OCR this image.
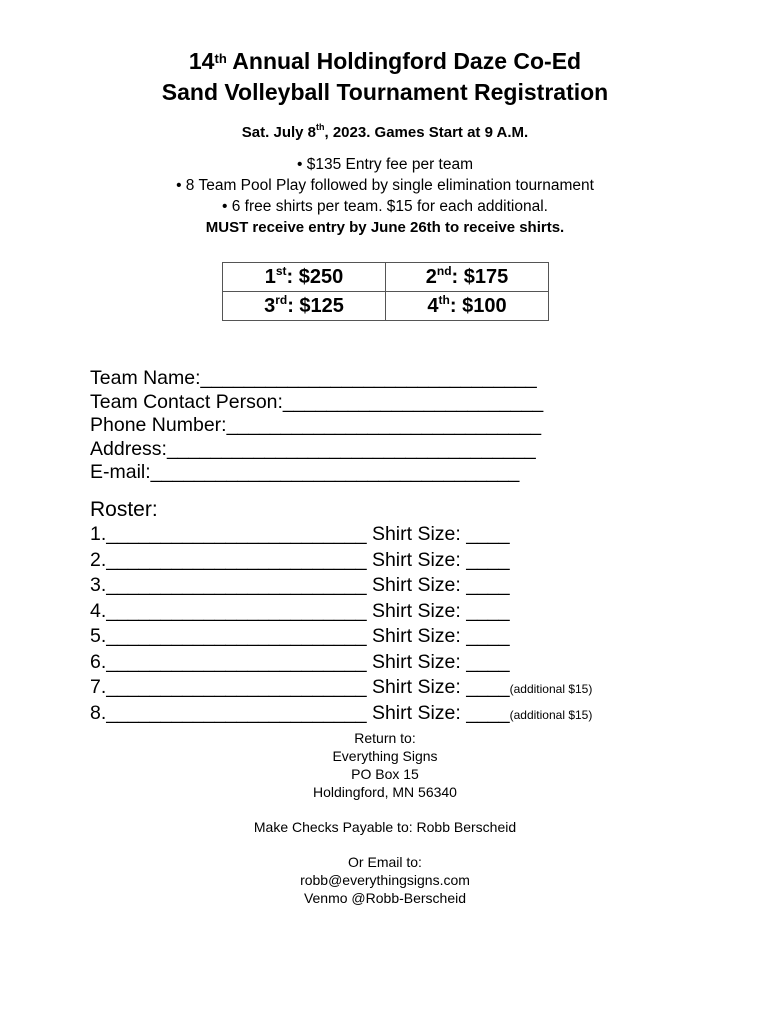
14th Annual Holdingford Daze Co-Ed
Sand Volleyball Tournament Registration
Sat. July 8th, 2023. Games Start at 9 A.M.
• $135 Entry fee per team
• 8 Team Pool Play followed by single elimination tournament
• 6 free shirts per team. $15 for each additional.
MUST receive entry by June 26th to receive shirts.
1st: $250	2nd: $175
3rd: $125	4th: $100
Team Name:_______________________________
Team Contact Person:________________________
Phone Number:_____________________________
Address:__________________________________
E-mail:__________________________________
Roster:
1.________________________ Shirt Size: ____
2.________________________ Shirt Size: ____
3.________________________ Shirt Size: ____
4.________________________ Shirt Size: ____
5.________________________ Shirt Size: ____
6.________________________ Shirt Size: ____
7.________________________ Shirt Size: ____(additional $15)
8.________________________ Shirt Size: ____(additional $15)
Return to:
Everything Signs
PO Box 15
Holdingford, MN 56340
Make Checks Payable to: Robb Berscheid
Or Email to:
robb@everythingsigns.com
Venmo @Robb-Berscheid
